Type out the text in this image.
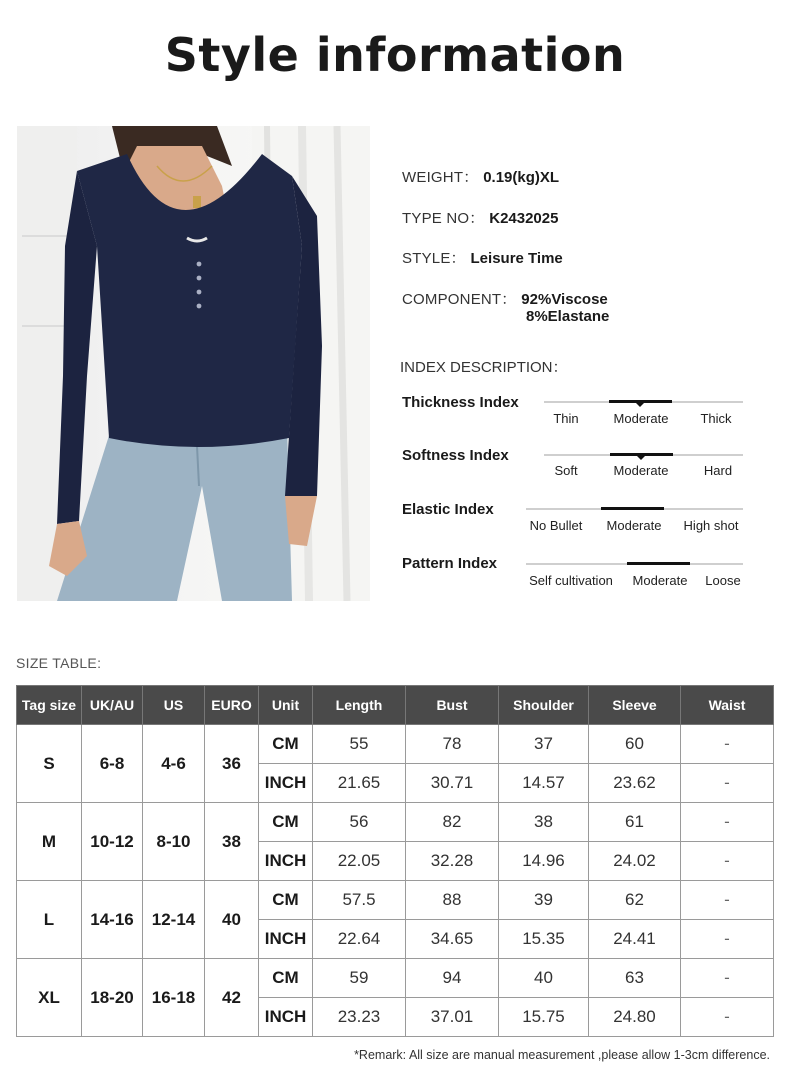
Style information
WEIGHT： 0.19(kg)XL
TYPE NO： K2432025
STYLE： Leisure Time
COMPONENT： 92%Viscose
8%Elastane
INDEX DESCRIPTION：
Thickness Index
Thin	Moderate Thick
Softness Index
Soft	Moderate	Hard
Elastic Index
No Bullet Moderate High shot
Pattern Index
Self cultivation Moderate Loose
SIZE TABLE:
Tag size	UK/AU	US	EURO	Unit	Length	Bust	Shoulder	Sleeve	Waist
S	6-8	4-6	36	CM	55	78	37	60	-
				INCH	21.65	30.71	14.57	23.62	-
M	10-12	8-10	38	CM	56	82	38	61	-
				INCH	22.05	32.28	14.96	24.02	-
L	14-16	12-14	40	CM	57.5	88	39	62	-
				INCH	22.64	34.65	15.35	24.41	-
XL	18-20	16-18	42	CM	59	94	40	63	-
				INCH	23.23	37.01	15.75	24.80	-
*Remark: All size are manual measurement ,please allow 1-3cm difference.
